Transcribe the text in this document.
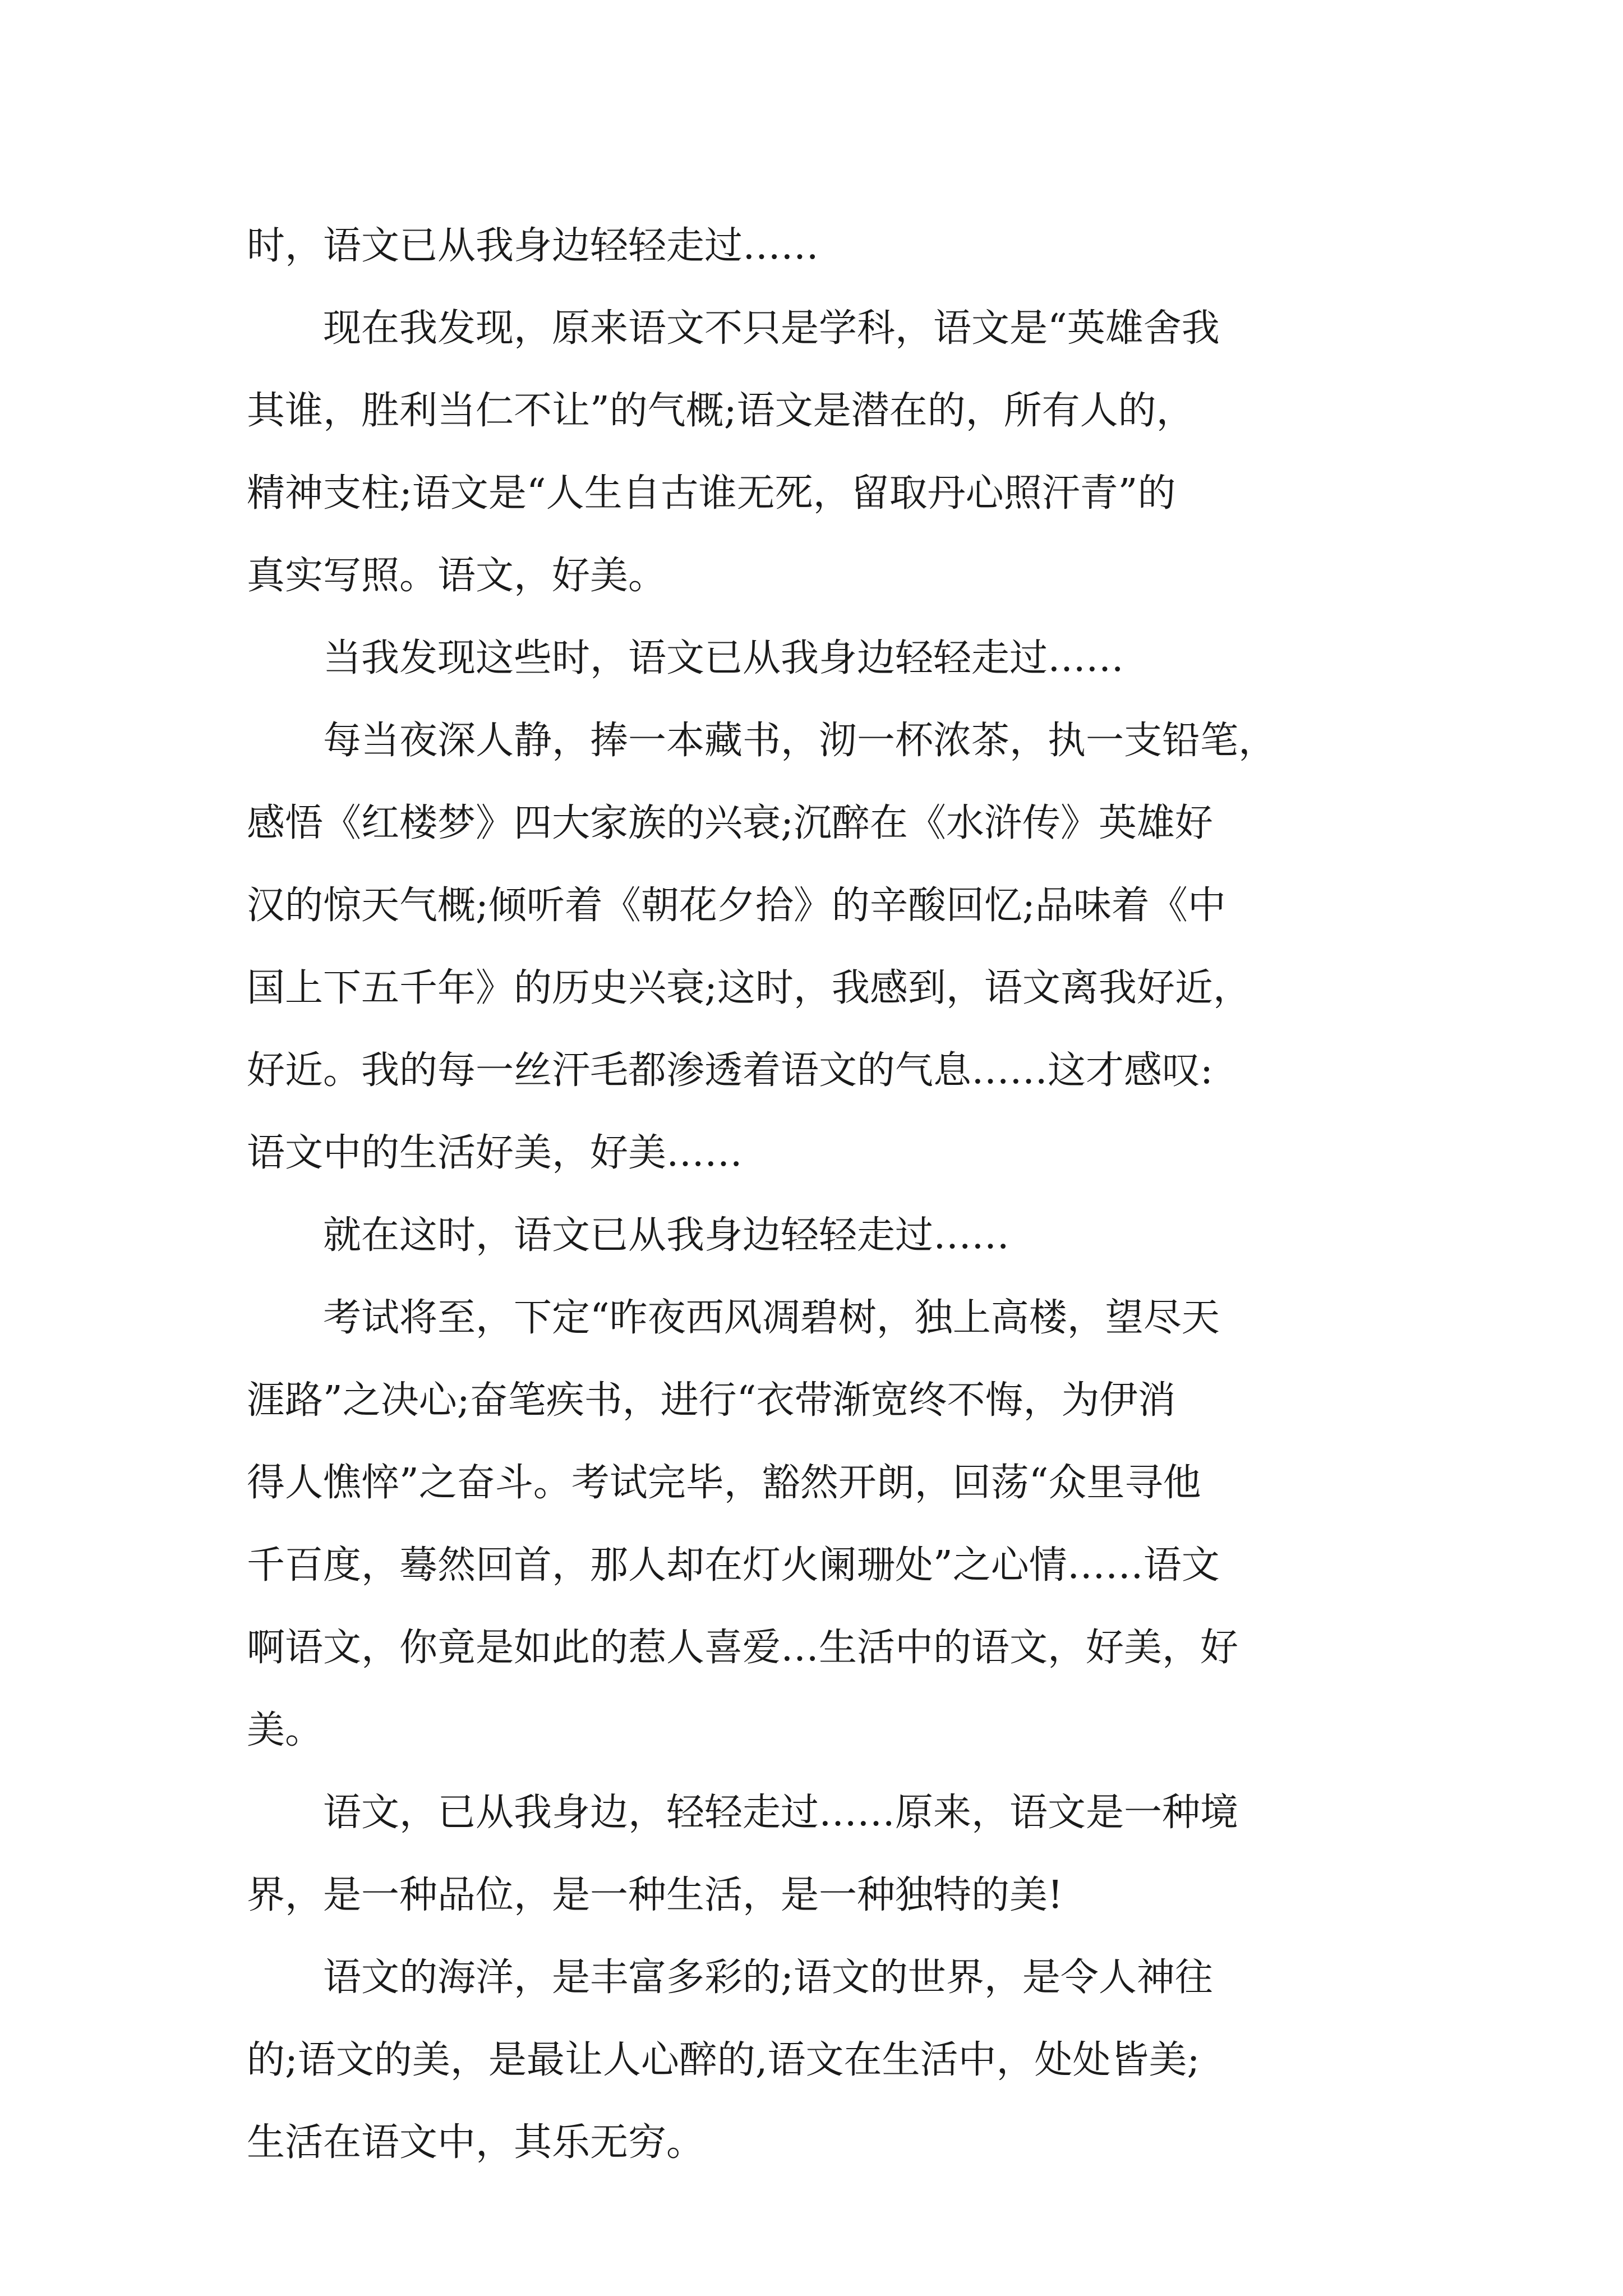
时，语文已从我身边轻轻走过……

　　现在我发现，原来语文不只是学科，语文是“英雄舍我

其谁，胜利当仁不让”的气概;语文是潜在的，所有人的，

精神支柱;语文是“人生自古谁无死，留取丹心照汗青”的

真实写照。语文，好美。

　　当我发现这些时，语文已从我身边轻轻走过……

　　每当夜深人静，捧一本藏书，沏一杯浓茶，执一支铅笔，

感悟《红楼梦》四大家族的兴衰;沉醉在《水浒传》英雄好

汉的惊天气概;倾听着《朝花夕拾》的辛酸回忆;品味着《中

国上下五千年》的历史兴衰;这时，我感到，语文离我好近，

好近。我的每一丝汗毛都渗透着语文的气息……这才感叹:

语文中的生活好美，好美……

　　就在这时，语文已从我身边轻轻走过……

　　考试将至，下定“昨夜西风凋碧树，独上高楼，望尽天

涯路”之决心;奋笔疾书，进行“衣带渐宽终不悔，为伊消

得人憔悴”之奋斗。考试完毕，豁然开朗，回荡“众里寻他

千百度，蓦然回首，那人却在灯火阑珊处”之心情……语文

啊语文，你竟是如此的惹人喜爱…生活中的语文，好美，好

美。

　　语文，已从我身边，轻轻走过……原来，语文是一种境

界，是一种品位，是一种生活，是一种独特的美!

　　语文的海洋，是丰富多彩的;语文的世界，是令人神往

的;语文的美，是最让人心醉的,语文在生活中，处处皆美;

生活在语文中，其乐无穷。
